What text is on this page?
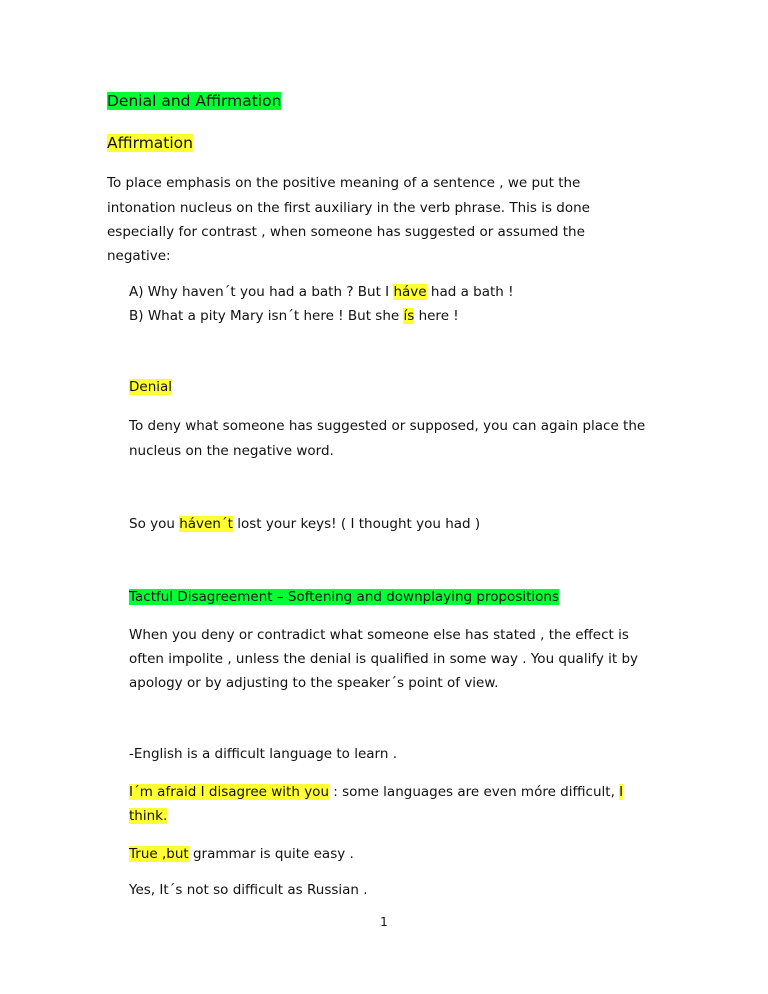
Denial and Affirmation
Affirmation
To place emphasis on the positive meaning of a sentence , we put the
intonation nucleus on the first auxiliary in the verb phrase. This is done
especially for contrast , when someone has suggested or assumed the
negative:
A) Why haven´t you had a bath ? But I háve had a bath !
B) What a pity Mary isn´t here ! But she ís here !
Denial
To deny what someone has suggested or supposed, you can again place the
nucleus on the negative word.
So you háven´t lost your keys! ( I thought you had )
Tactful Disagreement – Softening and downplaying propositions
When you deny or contradict what someone else has stated , the effect is
often impolite , unless the denial is qualified in some way . You qualify it by
apology or by adjusting to the speaker´s point of view.
-English is a difficult language to learn .
I´m afraid I disagree with you : some languages are even móre difficult, I
think.
True ,but grammar is quite easy .
Yes, It´s not so difficult as Russian .
1
